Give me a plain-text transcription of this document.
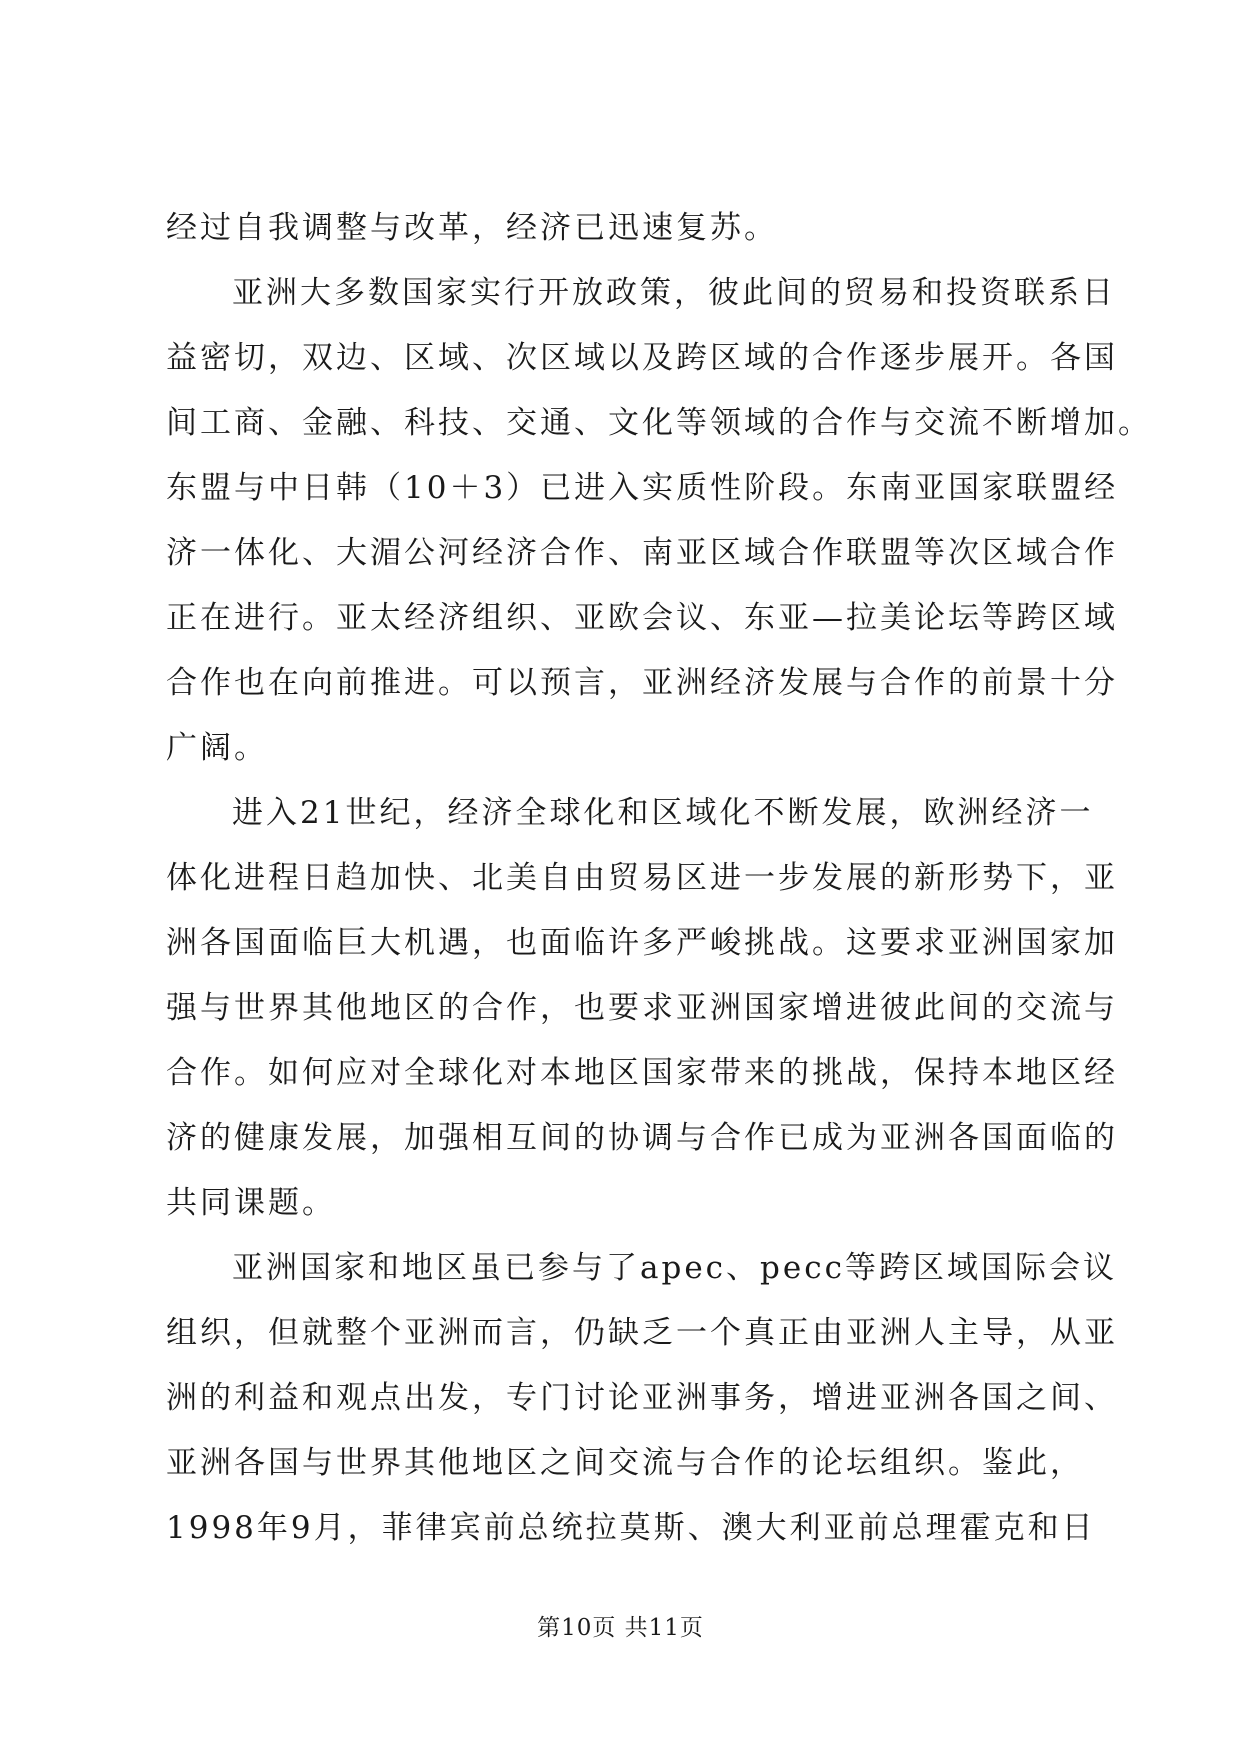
经过自我调整与改革，经济已迅速复苏。
亚洲大多数国家实行开放政策，彼此间的贸易和投资联系日
益密切，双边、区域、次区域以及跨区域的合作逐步展开。各国
间工商、金融、科技、交通、文化等领域的合作与交流不断增加。
东盟与中日韩（10＋3）已进入实质性阶段。东南亚国家联盟经
济一体化、大湄公河经济合作、南亚区域合作联盟等次区域合作
正在进行。亚太经济组织、亚欧会议、东亚—拉美论坛等跨区域
合作也在向前推进。可以预言，亚洲经济发展与合作的前景十分
广阔。
进入21世纪，经济全球化和区域化不断发展，欧洲经济一
体化进程日趋加快、北美自由贸易区进一步发展的新形势下，亚
洲各国面临巨大机遇，也面临许多严峻挑战。这要求亚洲国家加
强与世界其他地区的合作，也要求亚洲国家增进彼此间的交流与
合作。如何应对全球化对本地区国家带来的挑战，保持本地区经
济的健康发展，加强相互间的协调与合作已成为亚洲各国面临的
共同课题。
亚洲国家和地区虽已参与了apec、pecc等跨区域国际会议
组织，但就整个亚洲而言，仍缺乏一个真正由亚洲人主导，从亚
洲的利益和观点出发，专门讨论亚洲事务，增进亚洲各国之间、
亚洲各国与世界其他地区之间交流与合作的论坛组织。鉴此，
1998年9月，菲律宾前总统拉莫斯、澳大利亚前总理霍克和日
第10页 共11页
